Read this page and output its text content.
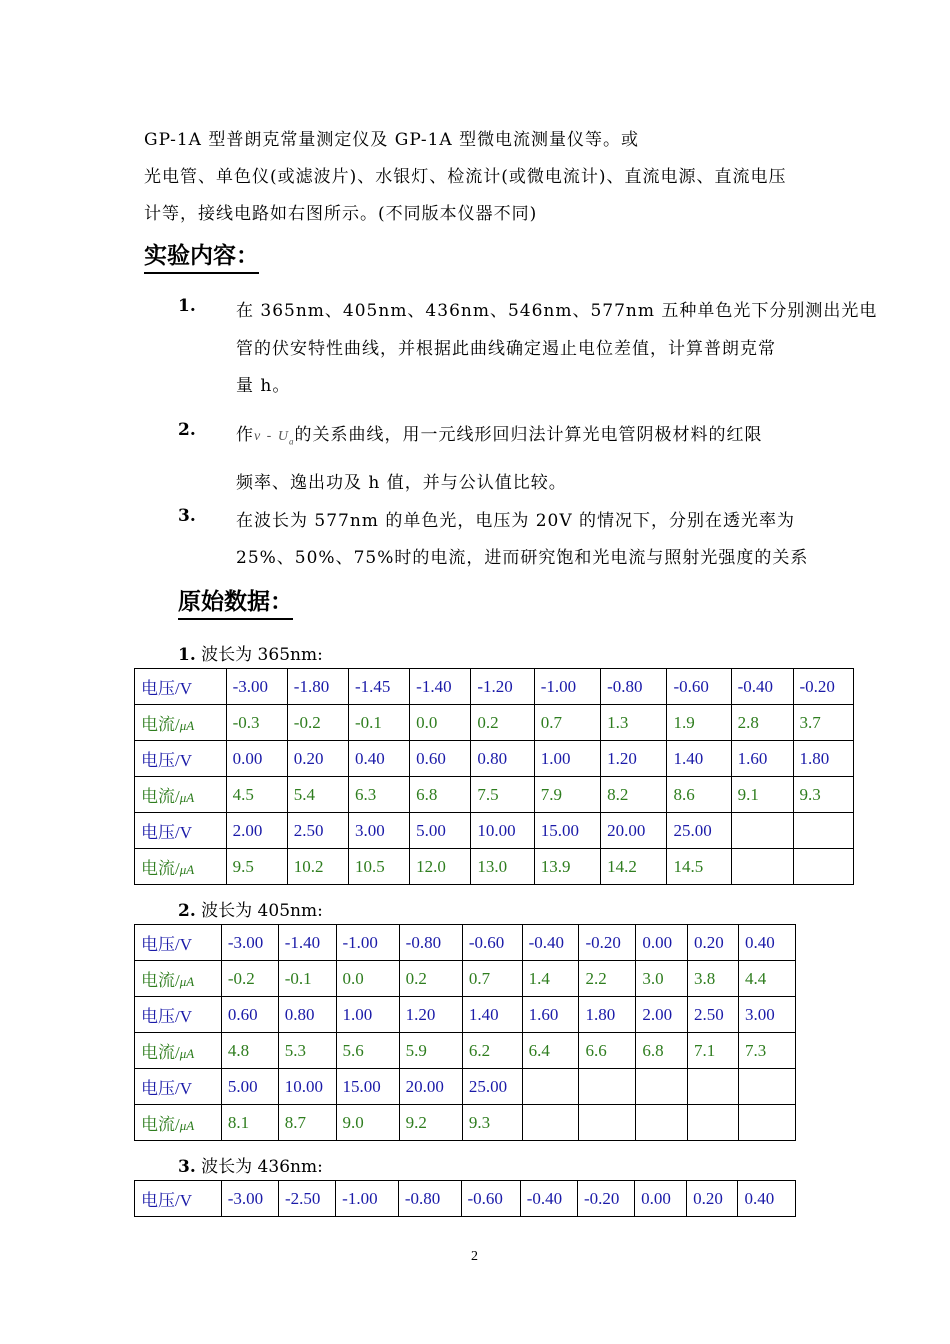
GP-1A 型普朗克常量测定仪及 GP-1A 型微电流测量仪等。或
光电管、单色仪(或滤波片)、水银灯、检流计(或微电流计)、直流电源、直流电压
计等，接线电路如右图所示。(不同版本仪器不同)
实验内容：
1. 在 365nm、405nm、436nm、546nm、577nm 五种单色光下分别测出光电
管的伏安特性曲线，并根据此曲线确定遏止电位差值，计算普朗克常
量 h。
2. 作ν - $U_a$的关系曲线，用一元线形回归法计算光电管阴极材料的红限
频率、逸出功及 h 值，并与公认值比较。
3. 在波长为 577nm 的单色光，电压为 20V 的情况下，分别在透光率为
25%、50%、75%时的电流，进而研究饱和光电流与照射光强度的关系
原始数据：
1. 波长为 365nm:
电压/V	-3.00	-1.80	-1.45	-1.40	-1.20	-1.00	-0.80	-0.60	-0.40	-0.20
电流/μA	-0.3	-0.2	-0.1	0.0	0.2	0.7	1.3	1.9	2.8	3.7
电压/V	0.00	0.20	0.40	0.60	0.80	1.00	1.20	1.40	1.60	1.80
电流/μA	4.5	5.4	6.3	6.8	7.5	7.9	8.2	8.6	9.1	9.3
电压/V	2.00	2.50	3.00	5.00	10.00	15.00	20.00	25.00		
电流/μA	9.5	10.2	10.5	12.0	13.0	13.9	14.2	14.5		
2. 波长为 405nm:
电压/V	-3.00	-1.40	-1.00	-0.80	-0.60	-0.40	-0.20	0.00	0.20	0.40
电流/μA	-0.2	-0.1	0.0	0.2	0.7	1.4	2.2	3.0	3.8	4.4
电压/V	0.60	0.80	1.00	1.20	1.40	1.60	1.80	2.00	2.50	3.00
电流/μA	4.8	5.3	5.6	5.9	6.2	6.4	6.6	6.8	7.1	7.3
电压/V	5.00	10.00	15.00	20.00	25.00					
电流/μA	8.1	8.7	9.0	9.2	9.3					
3. 波长为 436nm:
电压/V	-3.00	-2.50	-1.00	-0.80	-0.60	-0.40	-0.20	0.00	0.20	0.40
2
